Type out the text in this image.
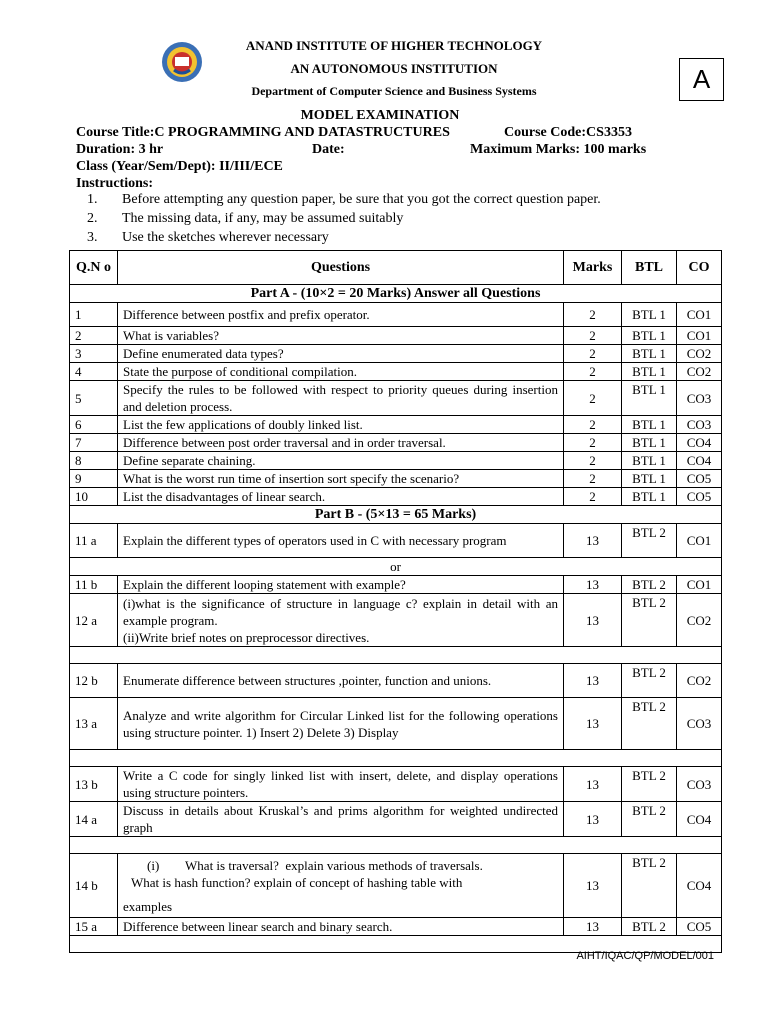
A
ANAND INSTITUTE OF HIGHER TECHNOLOGY
AN AUTONOMOUS INSTITUTION
Department of Computer Science and Business Systems
MODEL EXAMINATION
Course Title:C PROGRAMMING AND DATASTRUCTURES	Course Code:CS3353
Duration: 3 hr	Date:	Maximum Marks: 100 marks
Class (Year/Sem/Dept): II/III/ECE
Instructions:
1. Before attempting any question paper, be sure that you got the correct question paper.
2. The missing data, if any, may be assumed suitably
3. Use the sketches wherever necessary
Q.N o	Questions	Marks	BTL	CO
Part A - (10×2 = 20 Marks) Answer all Questions				
1	Difference between postfix and prefix operator.	2	BTL 1	CO1
2	What is variables?	2	BTL 1	CO1
3	Define enumerated data types?	2	BTL 1	CO2
4	State the purpose of conditional compilation.	2	BTL 1	CO2
5	Specify the rules to be followed with respect to priority queues during insertion and deletion process.	2	BTL 1	CO3
6	List the few applications of doubly linked list.	2	BTL 1	CO3
7	Difference between post order traversal and in order traversal.	2	BTL 1	CO4
8	Define separate chaining.	2	BTL 1	CO4
9	What is the worst run time of insertion sort specify the scenario?	2	BTL 1	CO5
10	List the disadvantages of linear search.	2	BTL 1	CO5
Part B - (5×13 = 65 Marks)				
11 a	Explain the different types of operators used in C with necessary program	13	BTL 2	CO1
or				
11 b	Explain the different looping statement with example?	13	BTL 2	CO1
12 a	(i)what is the significance of structure in language c? explain in detail with an example program.
(ii)Write brief notes on preprocessor directives.	13	BTL 2	CO2

12 b	Enumerate difference between structures ,pointer, function and unions.	13	BTL 2	CO2
13 a	Analyze and write algorithm for Circular Linked list for the following operations using structure pointer. 1) Insert 2) Delete 3) Display	13	BTL 2	CO3

13 b	Write a C code for singly linked list with insert, delete, and display operations using structure pointers.	13	BTL 2	CO3
14 a	Discuss in details about Kruskal’s and prims algorithm for weighted undirected graph	13	BTL 2	CO4

14 b	(i)        What is traversal?  explain various methods of traversals.
What is hash function? explain of concept of hashing table with
examples	13	BTL 2	CO4
15 a	Difference between linear search and binary search.	13	BTL 2	CO5

AIHT/IQAC/QP/MODEL/001
